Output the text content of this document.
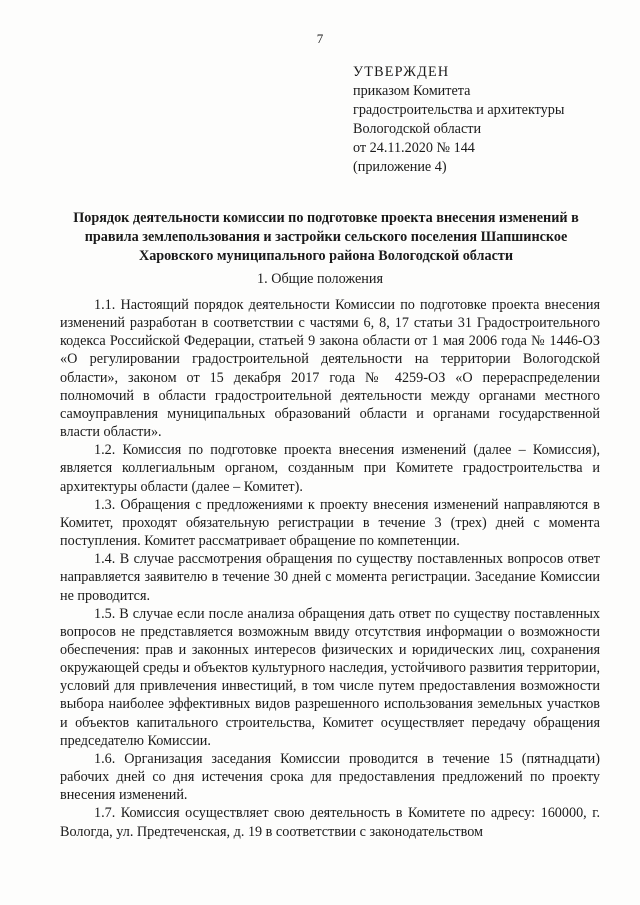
7
УТВЕРЖДЕН
приказом Комитета
градостроительства и архитектуры
Вологодской области
от 24.11.2020 № 144
(приложение 4)
Порядок деятельности комиссии по подготовке проекта внесения изменений в
правила землепользования и застройки сельского поселения Шапшинское
Харовского муниципального района Вологодской области
1. Общие положения

1.1. Настоящий порядок деятельности Комиссии по подготовке проекта внесения изменений разработан в соответствии с частями 6, 8, 17 статьи 31 Градостроительного кодекса Российской Федерации, статьей 9 закона области от 1 мая 2006 года № 1446-ОЗ «О регулировании градостроительной деятельности на территории Вологодской области», законом от 15 декабря 2017 года № 4259-ОЗ «О перераспределении полномочий в области градостроительной деятельности между органами местного самоуправления муниципальных образований области и органами государственной власти области».

1.2. Комиссия по подготовке проекта внесения изменений (далее – Комиссия), является коллегиальным органом, созданным при Комитете градостроительства и архитектуры области (далее – Комитет).

1.3. Обращения с предложениями к проекту внесения изменений направляются в Комитет, проходят обязательную регистрации в течение 3 (трех) дней с момента поступления. Комитет рассматривает обращение по компетенции.

1.4. В случае рассмотрения обращения по существу поставленных вопросов ответ направляется заявителю в течение 30 дней с момента регистрации. Заседание Комиссии не проводится.

1.5. В случае если после анализа обращения дать ответ по существу поставленных вопросов не представляется возможным ввиду отсутствия информации о возможности обеспечения: прав и законных интересов физических и юридических лиц, сохранения окружающей среды и объектов культурного наследия, устойчивого развития территории, условий для привлечения инвестиций, в том числе путем предоставления возможности выбора наиболее эффективных видов разрешенного использования земельных участков и объектов капитального строительства, Комитет осуществляет передачу обращения председателю Комиссии.

1.6. Организация заседания Комиссии проводится в течение 15 (пятнадцати) рабочих дней со дня истечения срока для предоставления предложений по проекту внесения изменений.

1.7. Комиссия осуществляет свою деятельность в Комитете по адресу: 160000, г. Вологда, ул. Предтеченская, д. 19 в соответствии с законодательством
